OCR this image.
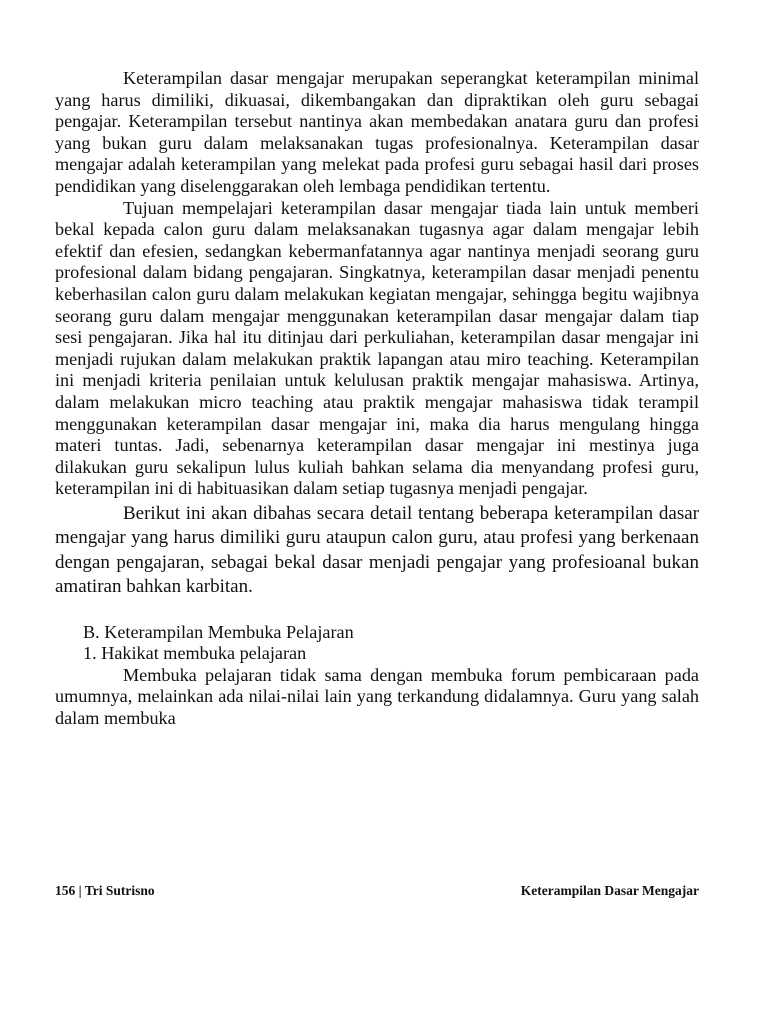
Keterampilan dasar mengajar merupakan seperangkat keterampilan minimal yang harus dimiliki, dikuasai, dikembangakan dan dipraktikan oleh guru sebagai pengajar. Keterampilan tersebut nantinya akan membedakan anatara guru dan profesi yang bukan guru dalam melaksanakan tugas profesionalnya. Keterampilan dasar mengajar adalah keterampilan yang melekat pada profesi guru sebagai hasil dari proses pendidikan yang diselenggarakan oleh lembaga pendidikan tertentu.

Tujuan mempelajari keterampilan dasar mengajar tiada lain untuk memberi bekal kepada calon guru dalam melaksanakan tugasnya agar dalam mengajar lebih efektif dan efesien, sedangkan kebermanfatannya agar nantinya menjadi seorang guru profesional dalam bidang pengajaran. Singkatnya, keterampilan dasar menjadi penentu keberhasilan calon guru dalam melakukan kegiatan mengajar, sehingga begitu wajibnya seorang guru dalam mengajar menggunakan keterampilan dasar mengajar dalam tiap sesi pengajaran. Jika hal itu ditinjau dari perkuliahan, keterampilan dasar mengajar ini menjadi rujukan dalam melakukan praktik lapangan atau miro teaching. Keterampilan ini menjadi kriteria penilaian untuk kelulusan praktik mengajar mahasiswa. Artinya, dalam melakukan micro teaching atau praktik mengajar mahasiswa tidak terampil menggunakan keterampilan dasar mengajar ini, maka dia harus mengulang hingga materi tuntas. Jadi, sebenarnya keterampilan dasar mengajar ini mestinya juga dilakukan guru sekalipun lulus kuliah bahkan selama dia menyandang profesi guru, keterampilan ini di habituasikan dalam setiap tugasnya menjadi pengajar.

Berikut ini akan dibahas secara detail tentang beberapa keterampilan dasar mengajar yang harus dimiliki guru ataupun calon guru, atau profesi yang berkenaan dengan pengajaran, sebagai bekal dasar menjadi pengajar yang profesioanal bukan amatiran bahkan karbitan.

B. Keterampilan Membuka Pelajaran
1. Hakikat membuka pelajaran

Membuka pelajaran tidak sama dengan membuka forum pembicaraan pada umumnya, melainkan ada nilai-nilai lain yang terkandung didalamnya. Guru yang salah dalam membuka

156 | Tri Sutrisno	Keterampilan Dasar Mengajar
